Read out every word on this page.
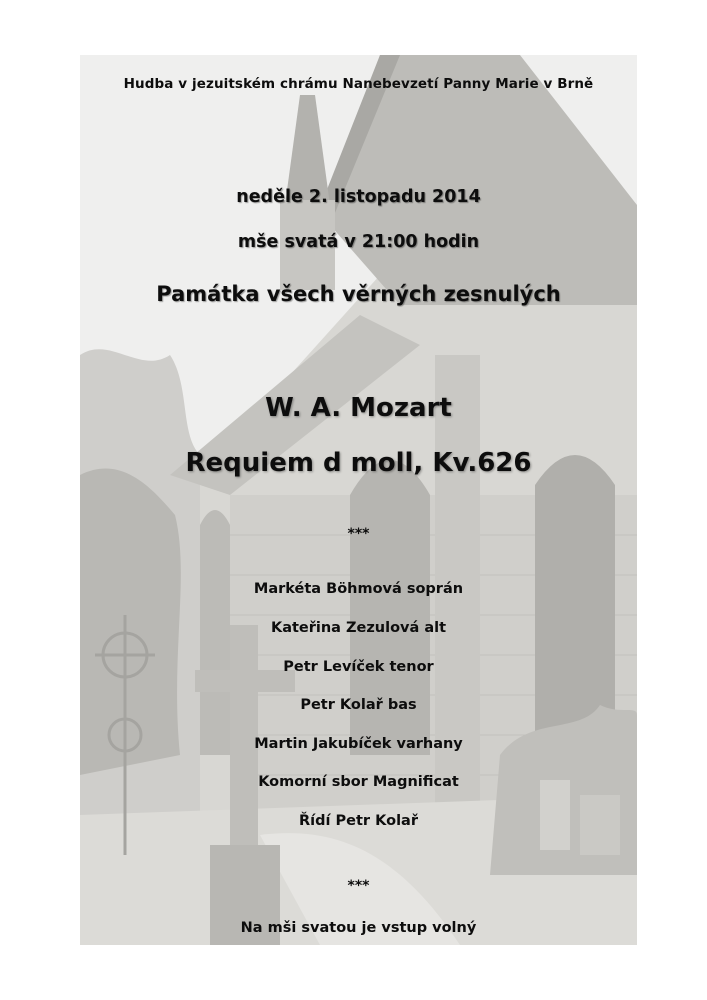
Hudba v jezuitském chrámu Nanebevzetí Panny Marie v Brně
neděle 2. listopadu 2014
mše svatá v 21:00 hodin
Památka všech věrných zesnulých
W. A. Mozart
Requiem d moll, Kv.626
***
Markéta Böhmová soprán
Kateřina Zezulová alt
Petr Levíček tenor
Petr Kolař bas
Martin Jakubíček varhany
Komorní sbor Magnificat
Řídí Petr Kolař
***
Na mši svatou je vstup volný
